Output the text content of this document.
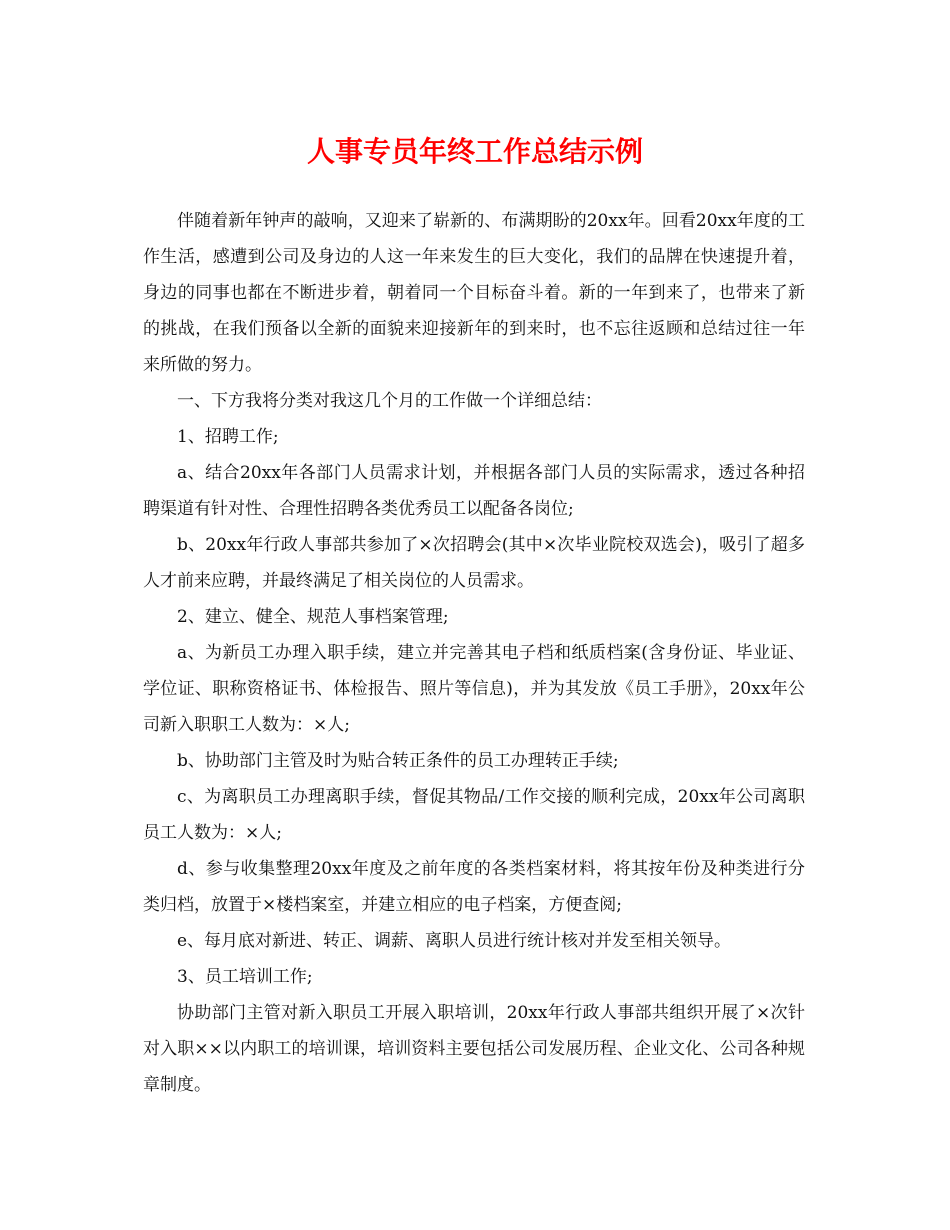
人事专员年终工作总结示例

伴随着新年钟声的敲响，又迎来了崭新的、布满期盼的20xx年。回看20xx年度的工作生活，感遭到公司及身边的人这一年来发生的巨大变化，我们的品牌在快速提升着，身边的同事也都在不断进步着，朝着同一个目标奋斗着。新的一年到来了，也带来了新的挑战，在我们预备以全新的面貌来迎接新年的到来时，也不忘往返顾和总结过往一年来所做的努力。

一、下方我将分类对我这几个月的工作做一个详细总结：

1、招聘工作;

a、结合20xx年各部门人员需求计划，并根据各部门人员的实际需求，透过各种招聘渠道有针对性、合理性招聘各类优秀员工以配备各岗位;

b、20xx年行政人事部共参加了×次招聘会(其中×次毕业院校双选会)，吸引了超多人才前来应聘，并最终满足了相关岗位的人员需求。

2、建立、健全、规范人事档案管理;

a、为新员工办理入职手续，建立并完善其电子档和纸质档案(含身份证、毕业证、学位证、职称资格证书、体检报告、照片等信息)，并为其发放《员工手册》，20xx年公司新入职职工人数为：×人;

b、协助部门主管及时为贴合转正条件的员工办理转正手续;

c、为离职员工办理离职手续，督促其物品/工作交接的顺利完成，20xx年公司离职员工人数为：×人;

d、参与收集整理20xx年度及之前年度的各类档案材料，将其按年份及种类进行分类归档，放置于×楼档案室，并建立相应的电子档案，方便查阅;

e、每月底对新进、转正、调薪、离职人员进行统计核对并发至相关领导。

3、员工培训工作;

协助部门主管对新入职员工开展入职培训，20xx年行政人事部共组织开展了×次针对入职××以内职工的培训课，培训资料主要包括公司发展历程、企业文化、公司各种规章制度。
